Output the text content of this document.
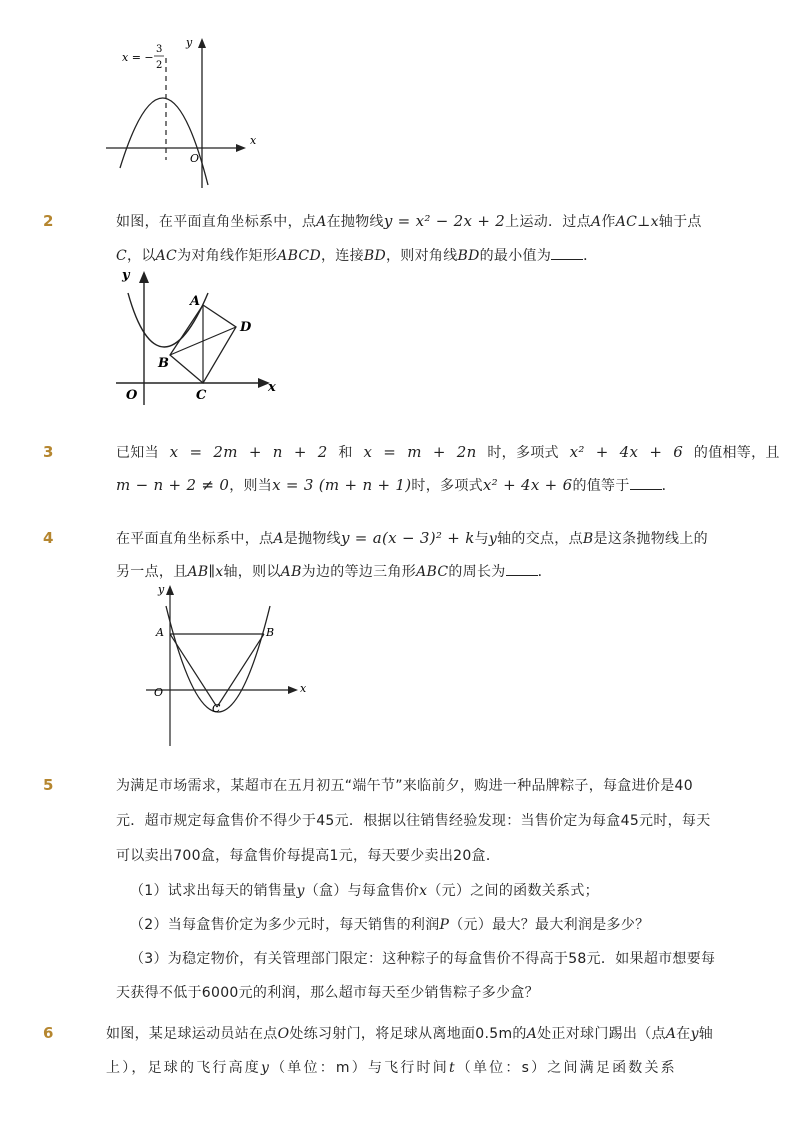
x = −
3
2
y
x
O
2	如图，在平面直角坐标系中，点A在抛物线y = x² − 2x + 2上运动．过点A作AC⊥x轴于点
C，以AC为对角线作矩形ABCD，连接BD，则对角线BD的最小值为 ．
y
x
O
A
B
C
D
3	已知当 x = 2m + n + 2 和 x = m + 2n 时，多项式 x² + 4x + 6 的值相等，且
m − n + 2 ≠ 0，则当x = 3 (m + n + 1)时，多项式x² + 4x + 6的值等于 ．
4	在平面直角坐标系中，点A是抛物线y = a(x − 3)² + k与y轴的交点，点B是这条抛物线上的
另一点，且AB∥x轴，则以AB为边的等边三角形ABC的周长为 ．
y
x
O
A	B
C
5	为满足市场需求，某超市在五月初五“端午节”来临前夕，购进一种品牌粽子，每盒进价是40
元．超市规定每盒售价不得少于45元．根据以往销售经验发现：当售价定为每盒45元时，每天
可以卖出700盒，每盒售价每提高1元，每天要少卖出20盒．
（1）试求出每天的销售量y（盒）与每盒售价x（元）之间的函数关系式；
（2）当每盒售价定为多少元时，每天销售的利润P（元）最大？最大利润是多少？
（3）为稳定物价，有关管理部门限定：这种粽子的每盒售价不得高于58元．如果超市想要每
天获得不低于6000元的利润，那么超市每天至少销售粽子多少盒？
6	如图，某足球运动员站在点O处练习射门，将足球从离地面0.5m的A处正对球门踢出（点A在y轴
上），足球的飞行高度y（单位：m）与飞行时间t（单位：s）之间满足函数关系
